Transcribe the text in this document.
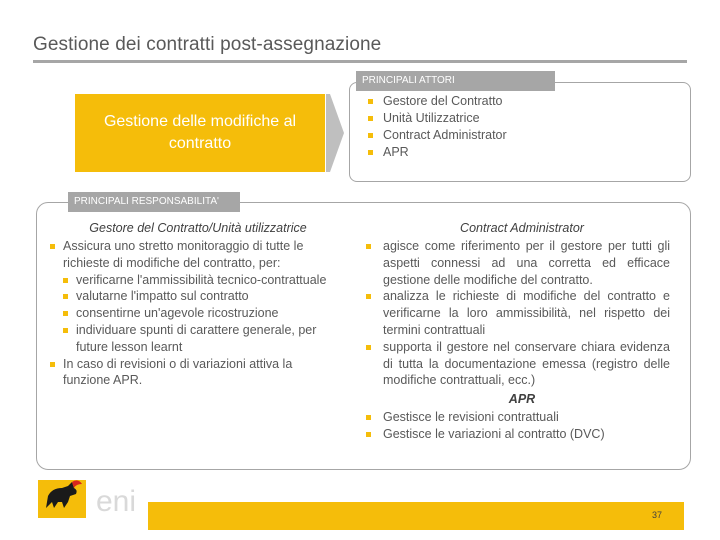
Gestione dei contratti post-assegnazione
Gestione delle modifiche al contratto
PRINCIPALI ATTORI
Gestore del Contratto
Unità Utilizzatrice
Contract Administrator
APR
PRINCIPALI RESPONSABILITA'
Gestore del Contratto/Unità utilizzatrice
Assicura uno stretto monitoraggio di tutte le richieste di modifiche del contratto, per:
verificarne l'ammissibilità tecnico-contrattuale
valutarne l'impatto sul contratto
consentirne un'agevole ricostruzione
individuare spunti di carattere generale, per future lesson learnt
In caso di revisioni o di variazioni attiva la funzione APR.
Contract Administrator
agisce come riferimento per il gestore per tutti gli aspetti connessi ad una corretta ed efficace gestione delle modifiche del contratto.
analizza le richieste di modifiche del contratto e verificarne la loro ammissibilità, nel rispetto dei termini contrattuali
supporta il gestore nel conservare chiara evidenza di tutta la documentazione emessa (registro delle modifiche contrattuali, ecc.)
APR
Gestisce le revisioni contrattuali
Gestisce le variazioni al contratto (DVC)
37
eni
